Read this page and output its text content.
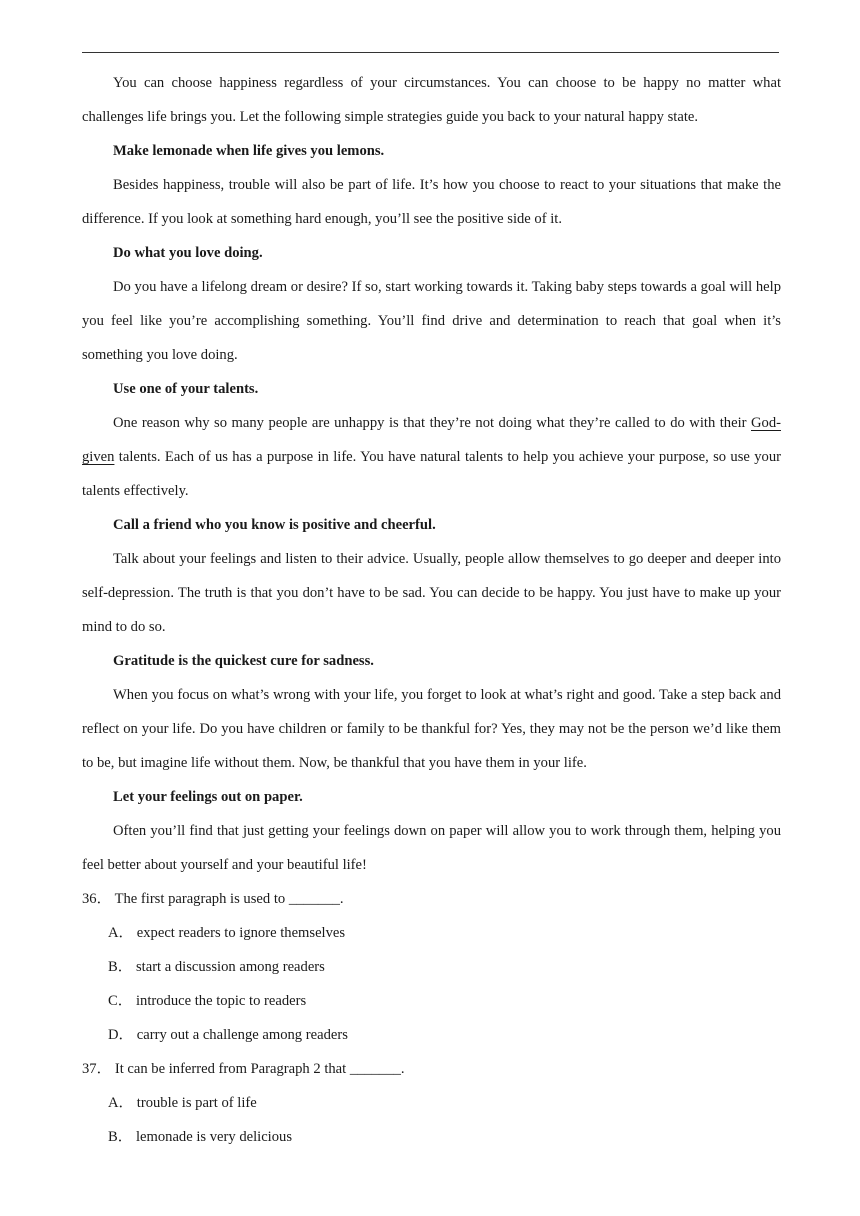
You can choose happiness regardless of your circumstances. You can choose to be happy no matter what challenges life brings you. Let the following simple strategies guide you back to your natural happy state.

Make lemonade when life gives you lemons.

Besides happiness, trouble will also be part of life. It’s how you choose to react to your situations that make the difference. If you look at something hard enough, you’ll see the positive side of it.

Do what you love doing.

Do you have a lifelong dream or desire? If so, start working towards it. Taking baby steps towards a goal will help you feel like you’re accomplishing something. You’ll find drive and determination to reach that goal when it’s something you love doing.

Use one of your talents.

One reason why so many people are unhappy is that they’re not doing what they’re called to do with their God-given talents. Each of us has a purpose in life. You have natural talents to help you achieve your purpose, so use your talents effectively.

Call a friend who you know is positive and cheerful.

Talk about your feelings and listen to their advice. Usually, people allow themselves to go deeper and deeper into self-depression. The truth is that you don’t have to be sad. You can decide to be happy. You just have to make up your mind to do so.

Gratitude is the quickest cure for sadness.

When you focus on what’s wrong with your life, you forget to look at what’s right and good. Take a step back and reflect on your life. Do you have children or family to be thankful for? Yes, they may not be the person we’d like them to be, but imagine life without them. Now, be thankful that you have them in your life.

Let your feelings out on paper.

Often you’ll find that just getting your feelings down on paper will allow you to work through them, helping you feel better about yourself and your beautiful life!

36． The first paragraph is used to _______.

A． expect readers to ignore themselves

B． start a discussion among readers

C． introduce the topic to readers

D． carry out a challenge among readers

37． It can be inferred from Paragraph 2 that _______.

A． trouble is part of life

B． lemonade is very delicious
